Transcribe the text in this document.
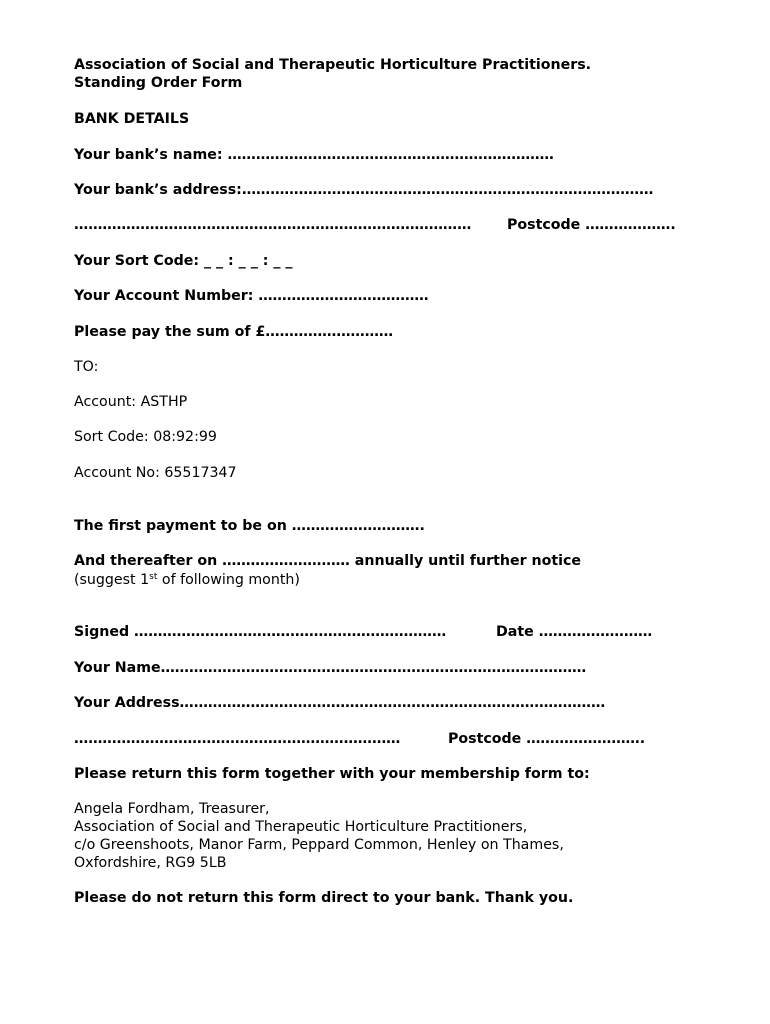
Association of Social and Therapeutic Horticulture Practitioners.
Standing Order Form
BANK DETAILS
Your bank’s name: ……………………………………………………………
Your bank’s address:……………………………………………………………………………
…………………………………………………………………………	Postcode ……………….
Your Sort Code: _ _ : _ _ : _ _
Your Account Number: ………………………………
Please pay the sum of £………………………
TO:
Account: ASTHP
Sort Code: 08:92:99
Account No: 65517347
The first payment to be on ……………………….
And thereafter on ……………………… annually until further notice
(suggest 1st of following month)
Signed …………………………………………………………	Date ……………………
Your Name………………………………………………………………………………
Your Address………………………………………………………………………………
……………………………………………………………	Postcode …………………….
Please return this form together with your membership form to:
Angela Fordham, Treasurer,
Association of Social and Therapeutic Horticulture Practitioners,
c/o Greenshoots, Manor Farm, Peppard Common, Henley on Thames,
Oxfordshire, RG9 5LB
Please do not return this form direct to your bank. Thank you.
